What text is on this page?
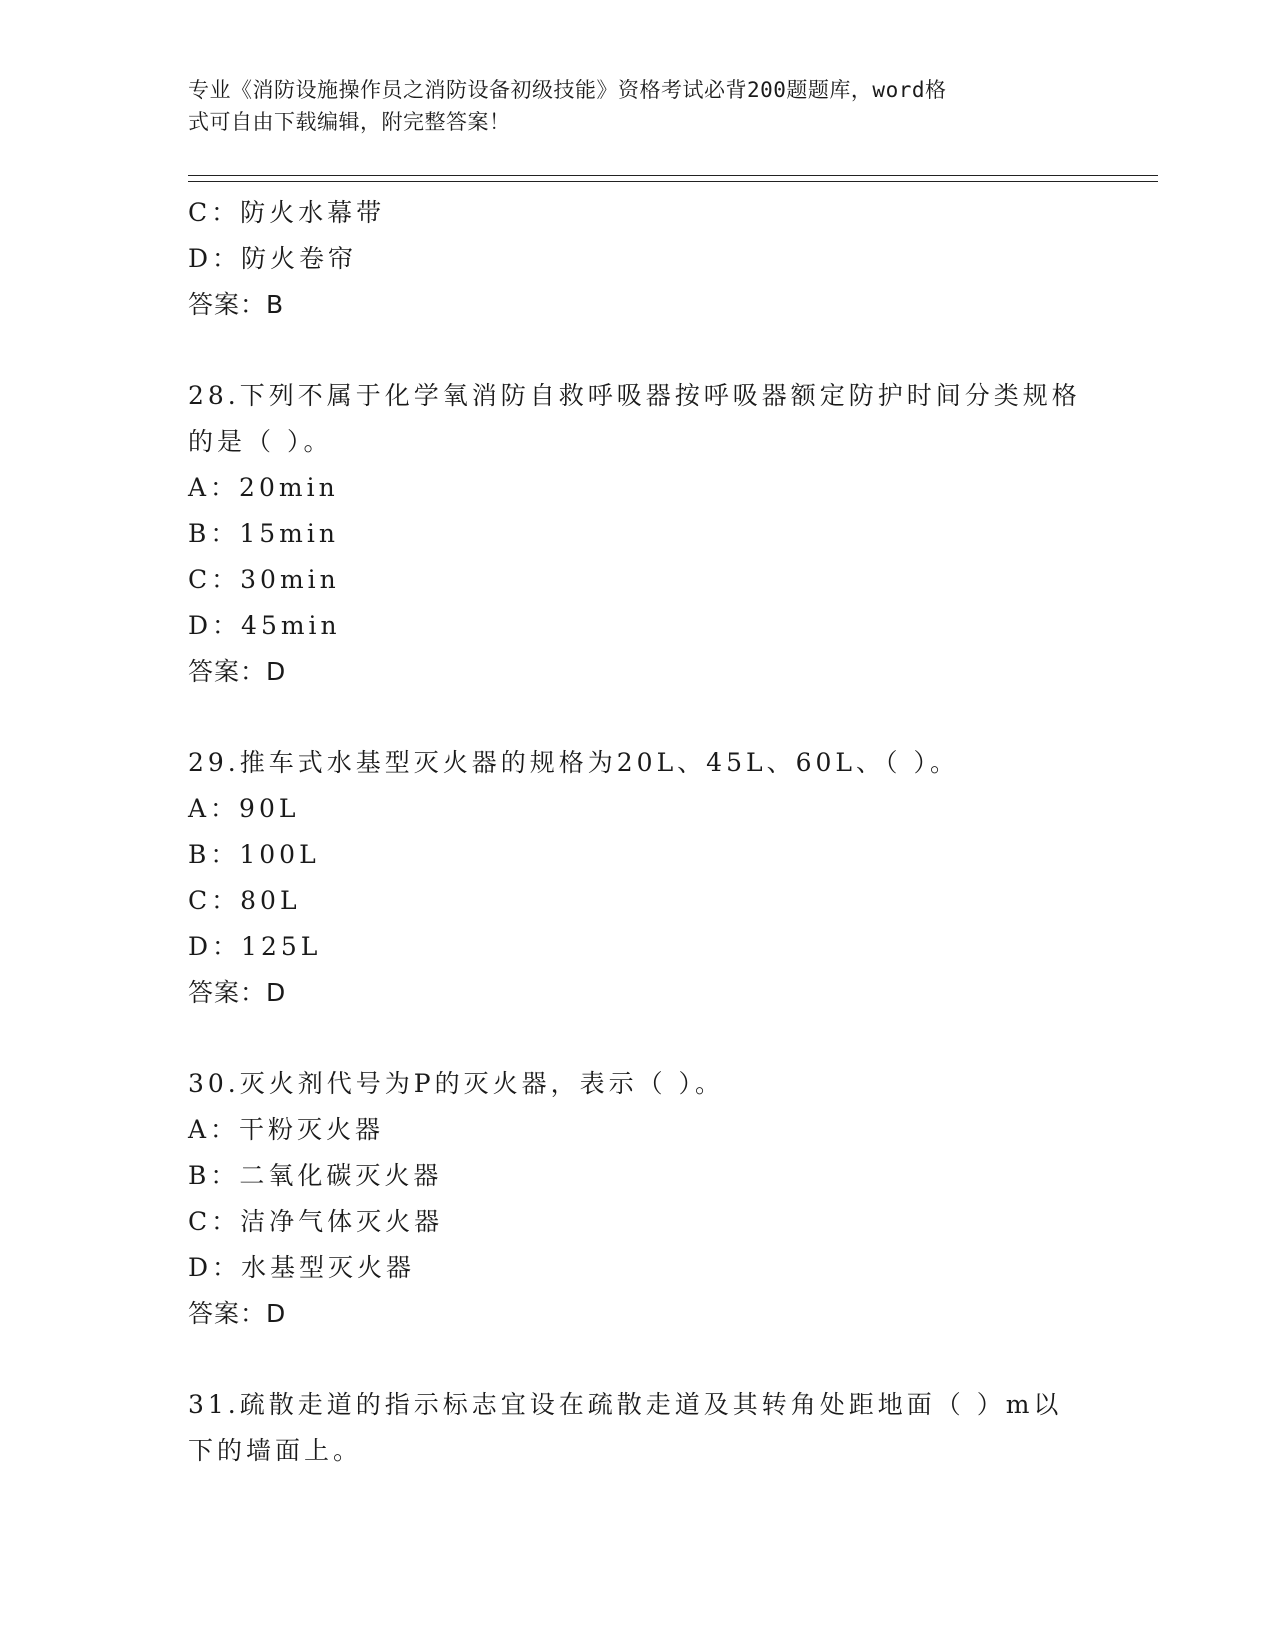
专业《消防设施操作员之消防设备初级技能》资格考试必背200题题库，word格
式可自由下载编辑，附完整答案！
C：防火水幕带
D：防火卷帘
答案：B
28.下列不属于化学氧消防自救呼吸器按呼吸器额定防护时间分类规格
的是（ ）。
A：20min
B：15min
C：30min
D：45min
答案：D
29.推车式水基型灭火器的规格为20L、45L、60L、（ ）。
A：90L
B：100L
C：80L
D：125L
答案：D
30.灭火剂代号为P的灭火器，表示（ ）。
A：干粉灭火器
B：二氧化碳灭火器
C：洁净气体灭火器
D：水基型灭火器
答案：D
31.疏散走道的指示标志宜设在疏散走道及其转角处距地面（ ）m以
下的墙面上。
